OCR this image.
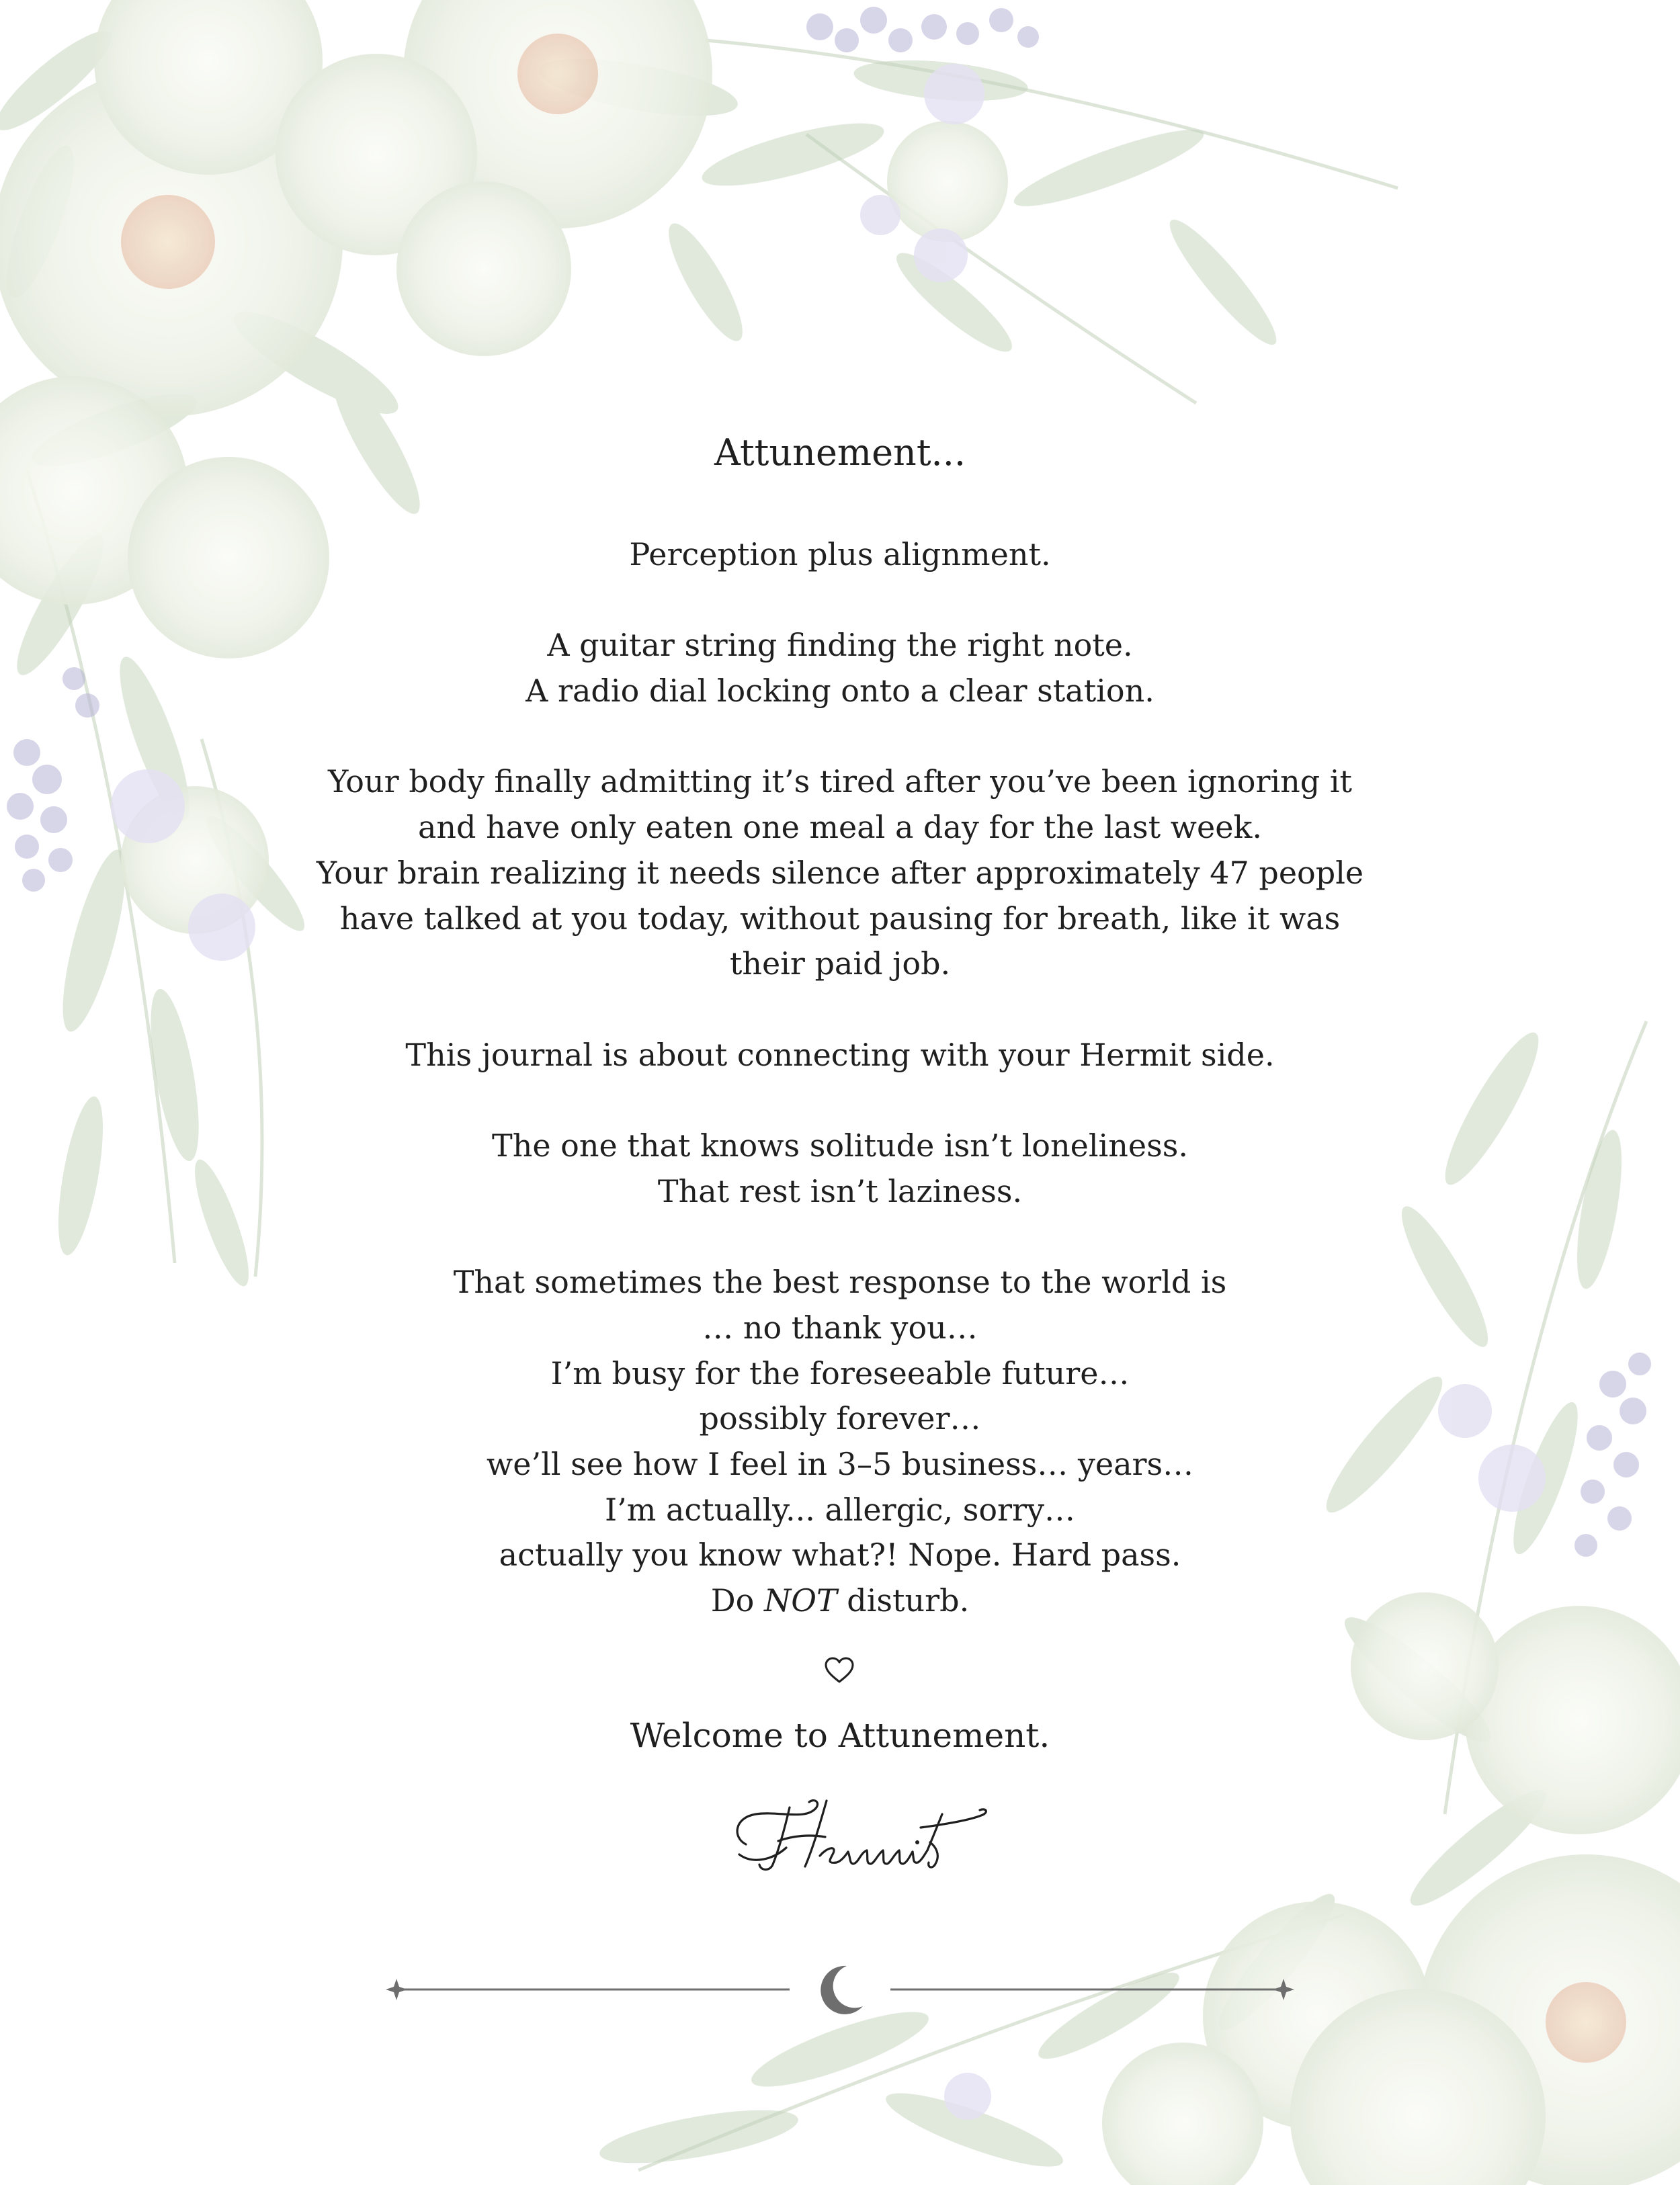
Attunement...
Perception plus alignment.
A guitar string finding the right note.
A radio dial locking onto a clear station.
Your body finally admitting it’s tired after you’ve been ignoring it
and have only eaten one meal a day for the last week.
Your brain realizing it needs silence after approximately 47 people
have talked at you today, without pausing for breath, like it was
their paid job.
This journal is about connecting with your Hermit side.
The one that knows solitude isn’t loneliness.
That rest isn’t laziness.
That sometimes the best response to the world is
… no thank you…
I’m busy for the foreseeable future…
possibly forever…
we’ll see how I feel in 3–5 business… years…
I’m actually... allergic, sorry…
actually you know what?! Nope. Hard pass.
Do NOT disturb.
Welcome to Attunement.
